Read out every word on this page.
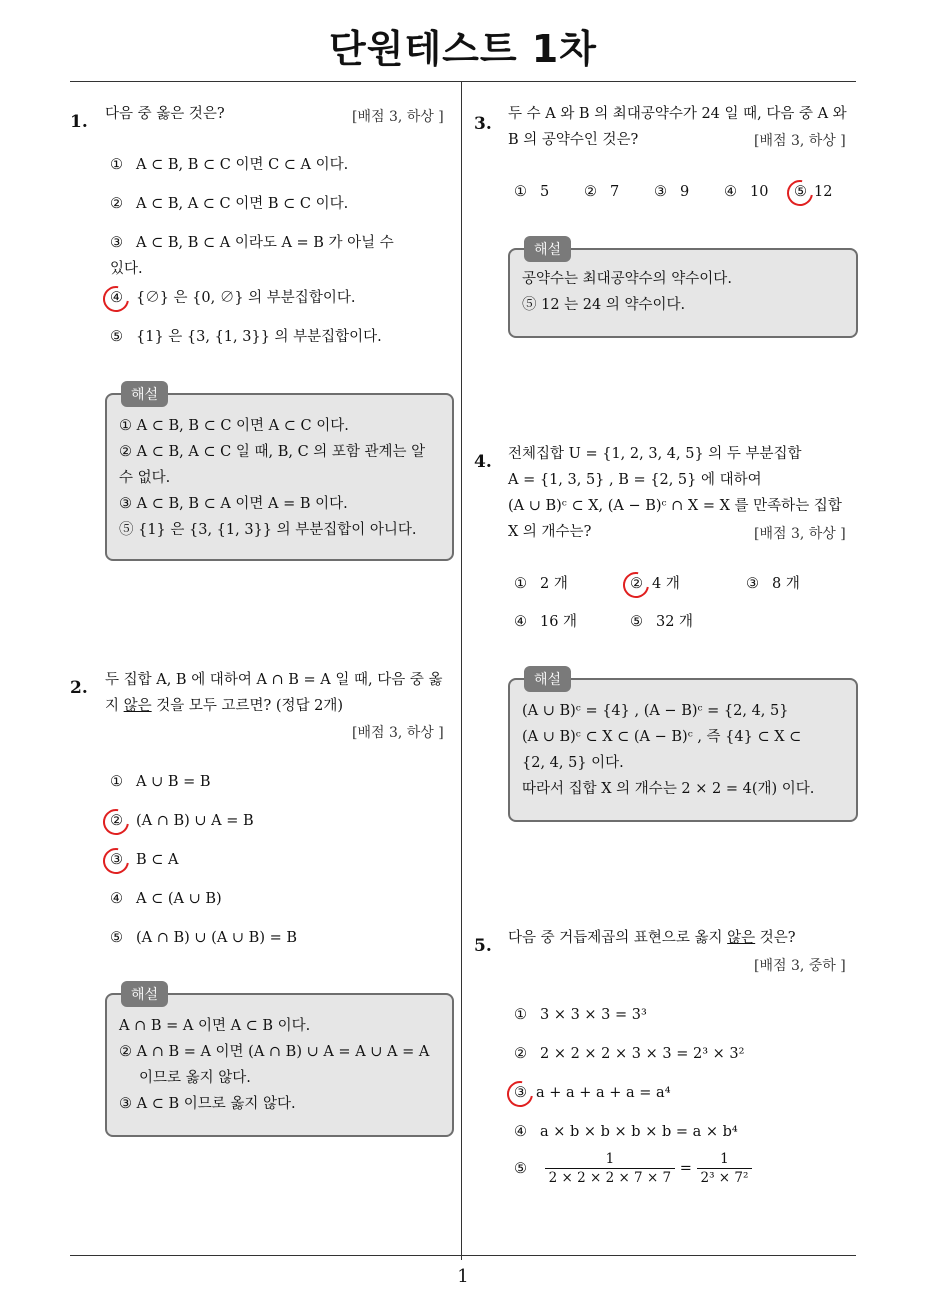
단원테스트 1차
1. 다음 중 옳은 것은?	[배점 3, 하상 ]
① A ⊂ B, B ⊂ C 이면 C ⊂ A 이다.
② A ⊂ B, A ⊂ C 이면 B ⊂ C 이다.
③ A ⊂ B, B ⊂ A 이라도 A = B 가 아닐 수 있다.
④ {∅} 은 {0, ∅} 의 부분집합이다.
⑤ {1} 은 {3, {1, 3}} 의 부분집합이다.
해설
① A ⊂ B, B ⊂ C 이면 A ⊂ C 이다.
② A ⊂ B, A ⊂ C 일 때, B, C 의 포함 관계는 알 수 없다.
③ A ⊂ B, B ⊂ A 이면 A = B 이다.
⑤ {1} 은 {3, {1, 3}} 의 부분집합이 아니다.
2. 두 집합 A, B 에 대하여 A ∩ B = A 일 때, 다음 중 옳지 않은 것을 모두 고르면? (정답 2개)
[배점 3, 하상 ]
① A ∪ B = B
② (A ∩ B) ∪ A = B
③ B ⊂ A
④ A ⊂ (A ∪ B)
⑤ (A ∩ B) ∪ (A ∪ B) = B
해설
A ∩ B = A 이면 A ⊂ B 이다.
② A ∩ B = A 이면 (A ∩ B) ∪ A = A ∪ A = A
이므로 옳지 않다.
③ A ⊂ B 이므로 옳지 않다.
3. 두 수 A 와 B 의 최대공약수가 24 일 때, 다음 중 A 와 B 의 공약수인 것은?	[배점 3, 하상 ]
① 5 ② 7 ③ 9 ④ 10 ⑤ 12
해설
공약수는 최대공약수의 약수이다.
⑤ 12 는 24 의 약수이다.
4. 전체집합 U = {1, 2, 3, 4, 5} 의 두 부분집합
A = {1, 3, 5} , B = {2, 5} 에 대하여
(A ∪ B)ᶜ ⊂ X, (A − B)ᶜ ∩ X = X 를 만족하는 집합
X 의 개수는?	[배점 3, 하상 ]
① 2 개	② 4 개	③ 8 개
④ 16 개	⑤ 32 개
해설
(A ∪ B)ᶜ = {4} , (A − B)ᶜ = {2, 4, 5}
(A ∪ B)ᶜ ⊂ X ⊂ (A − B)ᶜ , 즉 {4} ⊂ X ⊂
{2, 4, 5} 이다.
따라서 집합 X 의 개수는 2 × 2 = 4(개) 이다.
5. 다음 중 거듭제곱의 표현으로 옳지 않은 것은?
[배점 3, 중하 ]
① 3 × 3 × 3 = 3³
② 2 × 2 × 2 × 3 × 3 = 2³ × 3²
③ a + a + a + a = a⁴
④ a × b × b × b × b = a × b⁴
⑤ $\frac{1}{2 \times 2 \times 2 \times 7 \times 7} = \frac{1}{\text{2³ × 7²}}$
1
